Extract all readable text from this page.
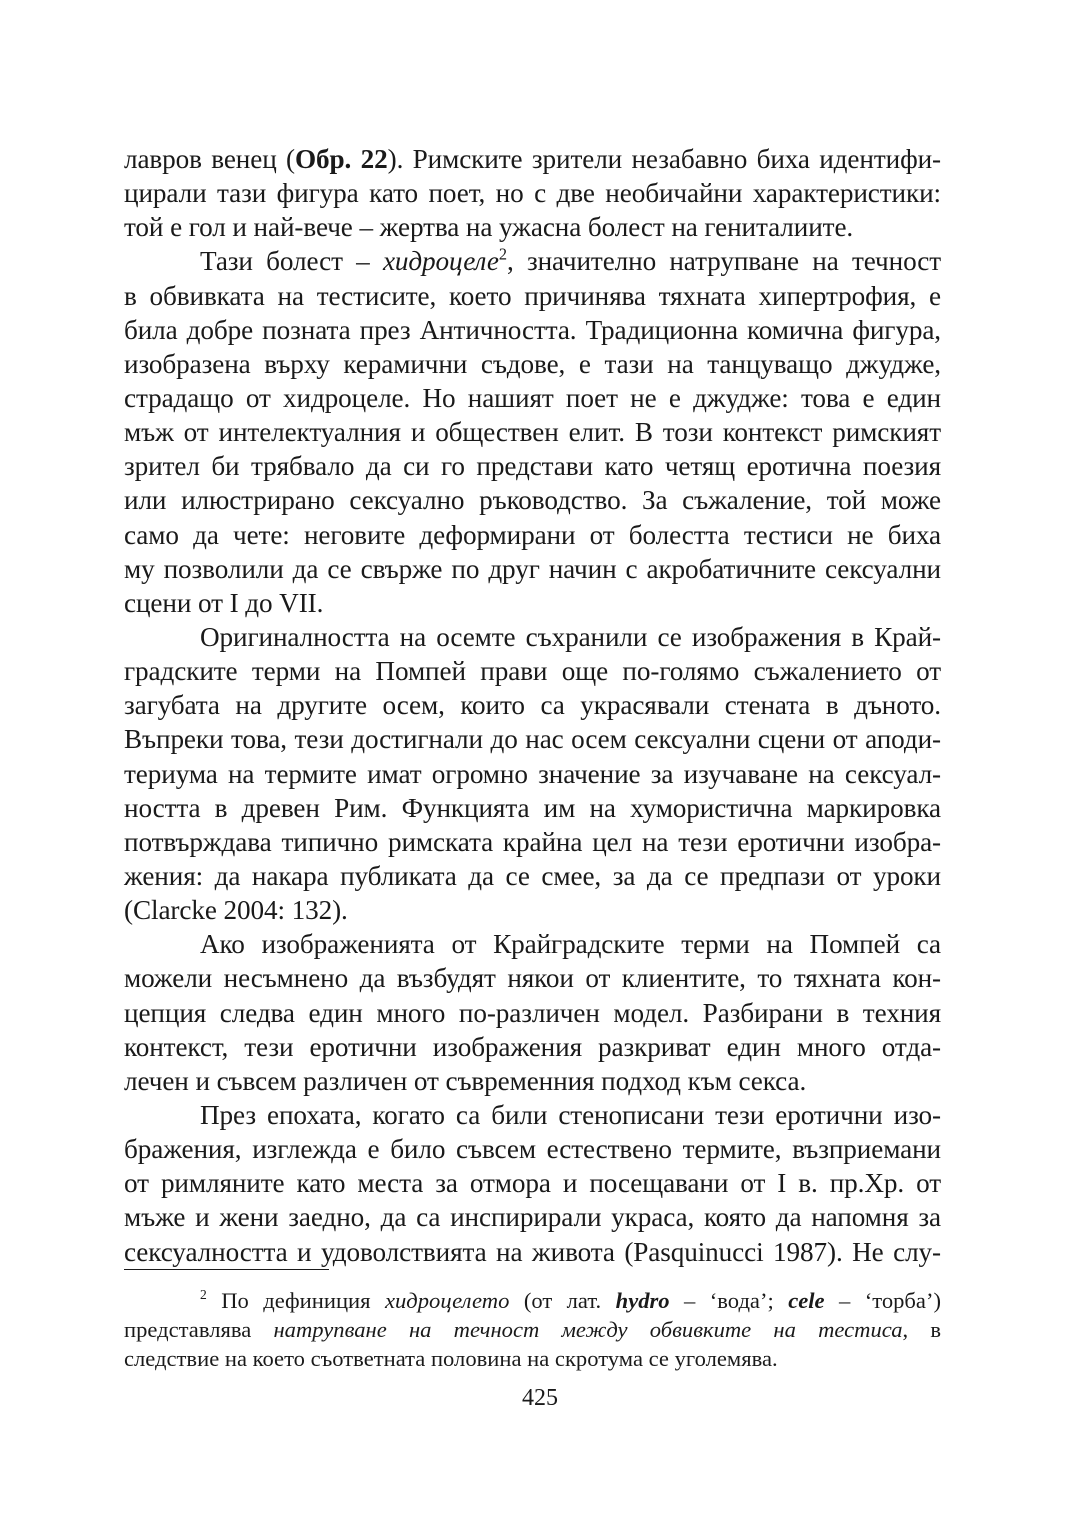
лавров венец (Обр. 22). Римските зрители незабавно биха идентифи-
цирали тази фигура като поет, но с две необичайни характеристики:
той е гол и най-вече – жертва на ужасна болест на гениталиите.
Тази болест – хидроцеле$^2$, значително натрупване на течност
в обвивката на тестисите, което причинява тяхната хипертрофия, е
била добре позната през Античността. Традиционна комична фигура,
изобразена върху керамични съдове, е тази на танцуващо джудже,
страдащо от хидроцеле. Но нашият поет не е джудже: това е един
мъж от интелектуалния и обществен елит. В този контекст римският
зрител би трябвало да си го представи като четящ еротична поезия
или илюстрирано сексуално ръководство. За съжаление, той може
само да чете: неговите деформирани от болестта тестиси не биха
му позволили да се свърже по друг начин с акробатичните сексуални
сцени от I до VII.
Оригиналността на осемте съхранили се изображения в Край-
градските терми на Помпей прави още по-голямо съжалението от
загубата на другите осем, които са украсявали стената в дъното.
Въпреки това, тези достигнали до нас осем сексуални сцени от аподи-
териума на термите имат огромно значение за изучаване на сексуал-
ността в древен Рим. Функцията им на хумористична маркировка
потвърждава типично римската крайна цел на тези еротични изобра-
жения: да накара публиката да се смее, за да се предпази от уроки
(Clarcke 2004: 132).
Ако изображенията от Крайградските терми на Помпей са
можели несъмнено да възбудят някои от клиентите, то тяхната кон-
цепция следва един много по-различен модел. Разбирани в техния
контекст, тези еротични изображения разкриват един много отда-
лечен и съвсем различен от съвременния подход към секса.
През епохата, когато са били стенописани тези еротични изо-
бражения, изглежда е било съвсем естествено термите, възприемани
от римляните като места за отмора и посещавани от I в. пр.Хр. от
мъже и жени заедно, да са инспирирали украса, която да напомня за
сексуалността и удоволствията на живота (Pasquinucci 1987). Не слу-
$^2$ По дефиниция хидроцелето (от лат. hydro – ‘вода’; cele – ‘торба’)
представлява натрупване на течност между обвивките на тестиса, в
следствие на което съответната половина на скротума се уголемява.
425
